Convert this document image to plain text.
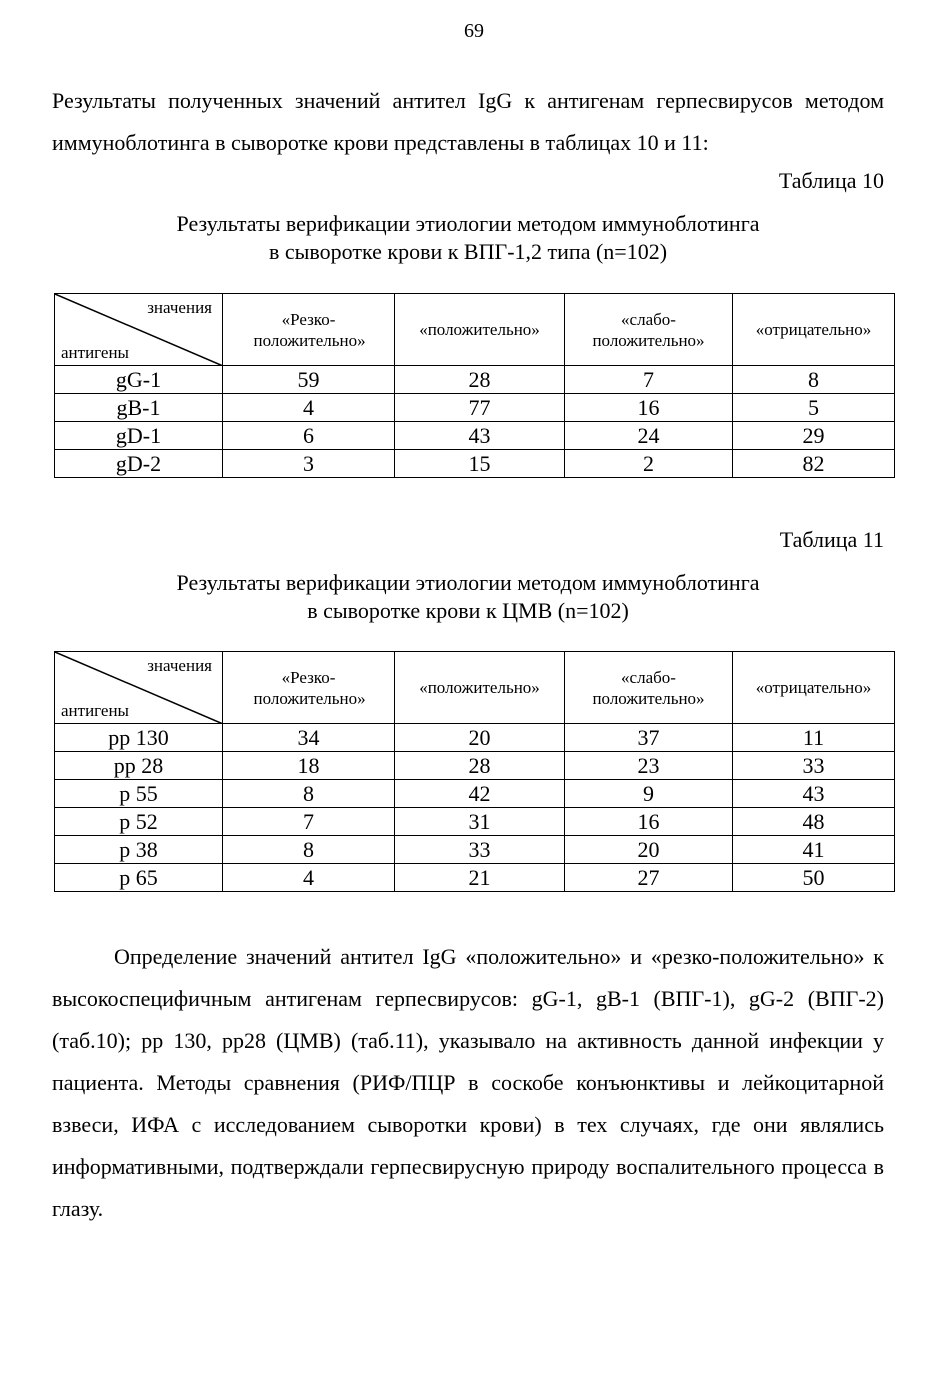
69
Результаты полученных значений антител IgG к антигенам герпесвирусов методом иммуноблотинга в сыворотке крови представлены в таблицах 10 и 11:
Таблица 10
Результаты верификации этиологии методом иммуноблотинга
в сыворотке крови к ВПГ-1,2 типа (n=102)
значения
антигены	«Резко-положительно»	«положительно»	«слабо-положительно»	«отрицательно»
gG-1	59	28	7	8
gB-1	4	77	16	5
gD-1	6	43	24	29
gD-2	3	15	2	82
Таблица 11
Результаты верификации этиологии методом иммуноблотинга
в сыворотке крови к ЦМВ (n=102)
значения
антигены	«Резко-положительно»	«положительно»	«слабо-положительно»	«отрицательно»
pp 130	34	20	37	11
pp 28	18	28	23	33
p 55	8	42	9	43
p 52	7	31	16	48
p 38	8	33	20	41
p 65	4	21	27	50
Определение значений антител IgG «положительно» и «резко-положительно» к высокоспецифичным антигенам герпесвирусов: gG-1, gB-1 (ВПГ-1), gG-2 (ВПГ-2) (таб.10); pp 130, pp28 (ЦМВ) (таб.11), указывало на активность данной инфекции у пациента. Методы сравнения (РИФ/ПЦР в соскобе конъюнктивы и лейкоцитарной взвеси, ИФА с исследованием сыворотки крови) в тех случаях, где они являлись информативными, подтверждали герпесвирусную природу воспалительного процесса в глазу.
